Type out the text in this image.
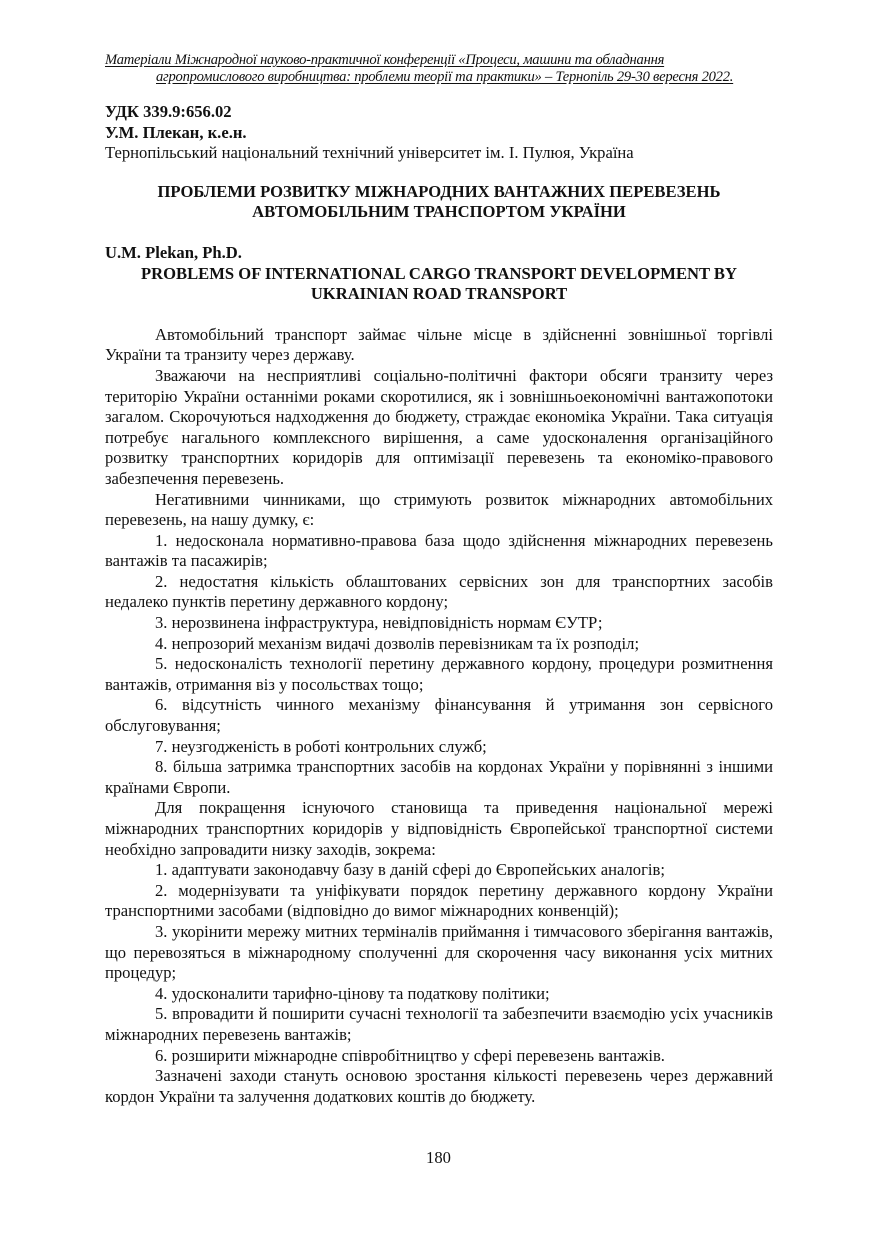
Матеріали Міжнародної науково-практичної конференції «Процеси, машини та обладнання
агропромислового виробництва: проблеми теорії та практики» – Тернопіль 29-30 вересня 2022.
УДК 339.9:656.02
У.М. Плекан, к.е.н.
Тернопільський національний технічний університет ім. І. Пулюя, Україна
ПРОБЛЕМИ РОЗВИТКУ МІЖНАРОДНИХ ВАНТАЖНИХ ПЕРЕВЕЗЕНЬ
АВТОМОБІЛЬНИМ ТРАНСПОРТОМ УКРАЇНИ
U.M. Plekan, Ph.D.
PROBLEMS OF INTERNATIONAL CARGO TRANSPORT DEVELOPMENT BY
UKRAINIAN ROAD TRANSPORT

Автомобільний транспорт займає чільне місце в здійсненні зовнішньої торгівлі України та транзиту через державу.

Зважаючи на несприятливі соціально-політичні фактори обсяги транзиту через територію України останніми роками скоротилися, як і зовнішньоекономічні вантажопотоки загалом. Скорочуються надходження до бюджету, страждає економіка України. Така ситуація потребує нагального комплексного вирішення, а саме удосконалення організаційного розвитку транспортних коридорів для оптимізації перевезень та економіко-правового забезпечення перевезень.

Негативними чинниками, що стримують розвиток міжнародних автомобільних перевезень, на нашу думку, є:

1. недосконала нормативно-правова база щодо здійснення міжнародних перевезень вантажів та пасажирів;

2. недостатня кількість облаштованих сервісних зон для транспортних засобів недалеко пунктів перетину державного кордону;

3. нерозвинена інфраструктура, невідповідність нормам ЄУТР;

4. непрозорий механізм видачі дозволів перевізникам та їх розподіл;

5. недосконалість технології перетину державного кордону, процедури розмитнення вантажів, отримання віз у посольствах тощо;

6. відсутність чинного механізму фінансування й утримання зон сервісного обслуговування;

7. неузгодженість в роботі контрольних служб;

8. більша затримка транспортних засобів на кордонах України у порівнянні з іншими країнами Європи.

Для покращення існуючого становища та приведення національної мережі міжнародних транспортних коридорів у відповідність Європейської транспортної системи необхідно запровадити низку заходів, зокрема:

1. адаптувати законодавчу базу в даній сфері до Європейських аналогів;

2. модернізувати та уніфікувати порядок перетину державного кордону України транспортними засобами (відповідно до вимог міжнародних конвенцій);

3. укорінити мережу митних терміналів приймання і тимчасового зберігання вантажів, що перевозяться в міжнародному сполученні для скорочення часу виконання усіх митних процедур;

4. удосконалити тарифно-цінову та податкову політики;

5. впровадити й поширити сучасні технології та забезпечити взаємодію усіх учасників міжнародних перевезень вантажів;

6. розширити міжнародне співробітництво у сфері перевезень вантажів.

Зазначені заходи стануть основою зростання кількості перевезень через державний кордон України та залучення додаткових коштів до бюджету.

180
